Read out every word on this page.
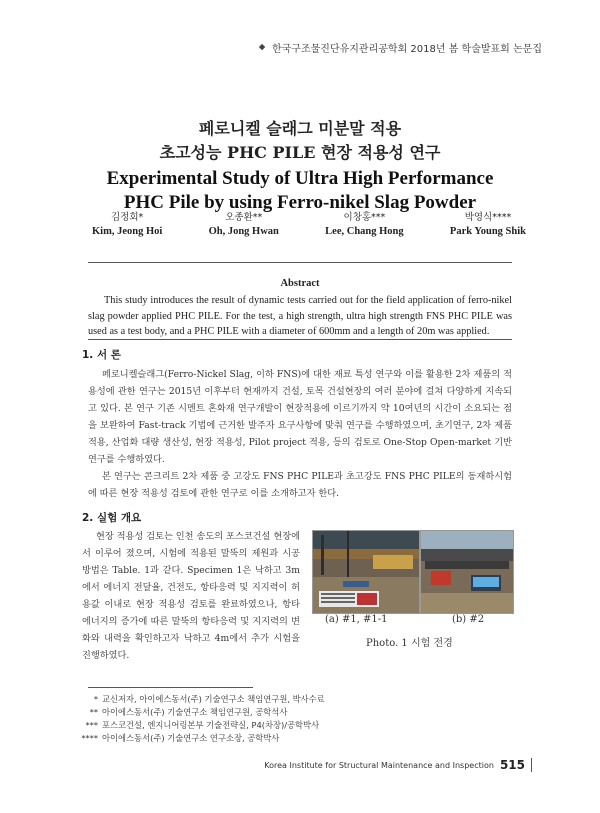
한국구조물진단유지관리공학회 2018년 봄 학술발표회 논문집
페로니켈 슬래그 미분말 적용
초고성능 PHC PILE 현장 적용성 연구
Experimental Study of Ultra High Performance
PHC Pile by using Ferro-nikel Slag Powder
김정회*
Kim, Jeong Hoi
오종환**
Oh, Jong Hwan
이창홍***
Lee, Chang Hong
박영식****
Park Young Shik
Abstract
This study introduces the result of dynamic tests carried out for the field application of ferro-nikel slag powder applied PHC PILE. For the test, a high strength, ultra high strength FNS PHC PILE was used as a test body, and a PHC PILE with a diameter of 600mm and a length of 20m was applied.
1. 서 론
페로니켈슬래그(Ferro-Nickel Slag, 이하 FNS)에 대한 재료 특성 연구와 이를 활용한 2차 제품의 적용성에 관한 연구는 2015년 이후부터 현재까지 건설, 토목 건설현장의 여러 분야에 걸쳐 다양하게 지속되고 있다. 본 연구 기존 시멘트 혼화재 연구개발이 현장적용에 이르기까지 약 10여년의 시간이 소요되는 점을 보완하여 Fast-track 기법에 근거한 발주자 요구사항에 맞춰 연구를 수행하였으며, 초기연구, 2차 제품 적용, 산업화 대량 생산성, 현장 적용성, Pilot project 적용, 등의 검토로 One-Stop Open-market 기반연구를 수행하였다.
본 연구는 콘크리트 2차 제품 중 고강도 FNS PHC PILE과 초고강도 FNS PHC PILE의 동재하시험에 따른 현장 적용성 검토에 관한 연구로 이를 소개하고자 한다.
2. 실험 개요
현장 적용성 검토는 인천 송도의 포스코건설 현장에서 이루어 졌으며, 시험에 적용된 말뚝의 제원과 시공방법은 Table. 1과 같다. Specimen 1은 낙하고 3m에서 에너지 전달율, 건전도, 항타응력 및 지지력이 허용값 이내로 현장 적용성 검토를 완료하였으나, 항타 에너지의 증가에 따른 말뚝의 항타응력 및 지지력의 변화와 내력을 확인하고자 낙하고 4m에서 추가 시험을 진행하였다.
(a) #1, #1-1	(b) #2
Photo. 1 시험 전경
* 교신저자, 아이에스동서(주) 기술연구소 책임연구원, 박사수료
** 아이에스동서(주) 기술연구소 책임연구원, 공학석사
*** 포스코건설, 엔지니어링본부 기술전략실, P4(차장)/공학박사
**** 아이에스동서(주) 기술연구소 연구소장, 공학박사
Korea Institute for Structural Maintenance and Inspection 515
